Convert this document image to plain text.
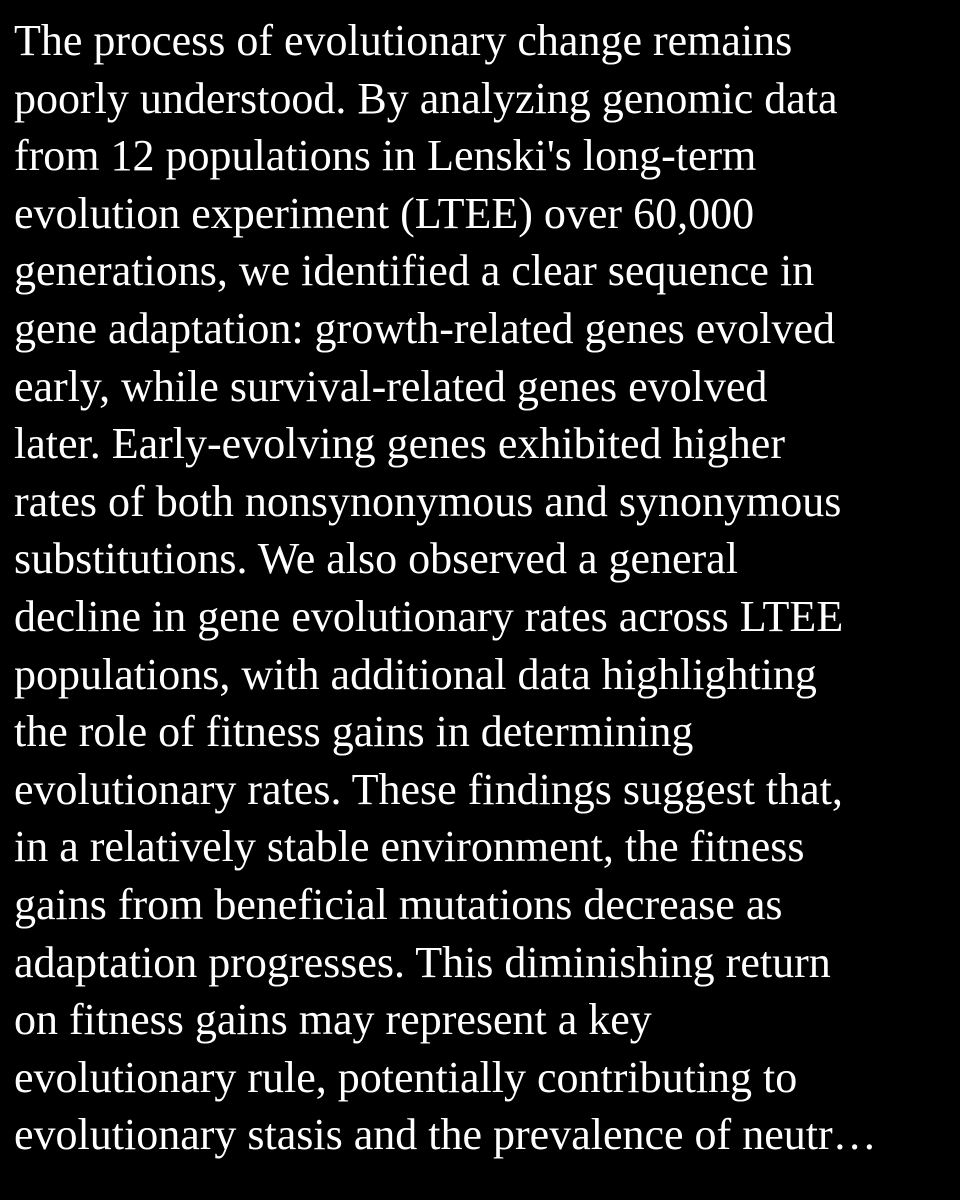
The process of evolutionary change remains
poorly understood. By analyzing genomic data
from 12 populations in Lenski's long-term
evolution experiment (LTEE) over 60,000
generations, we identified a clear sequence in
gene adaptation: growth-related genes evolved
early, while survival-related genes evolved
later. Early-evolving genes exhibited higher
rates of both nonsynonymous and synonymous
substitutions. We also observed a general
decline in gene evolutionary rates across LTEE
populations, with additional data highlighting
the role of fitness gains in determining
evolutionary rates. These findings suggest that,
in a relatively stable environment, the fitness
gains from beneficial mutations decrease as
adaptation progresses. This diminishing return
on fitness gains may represent a key
evolutionary rule, potentially contributing to
evolutionary stasis and the prevalence of neutr…
